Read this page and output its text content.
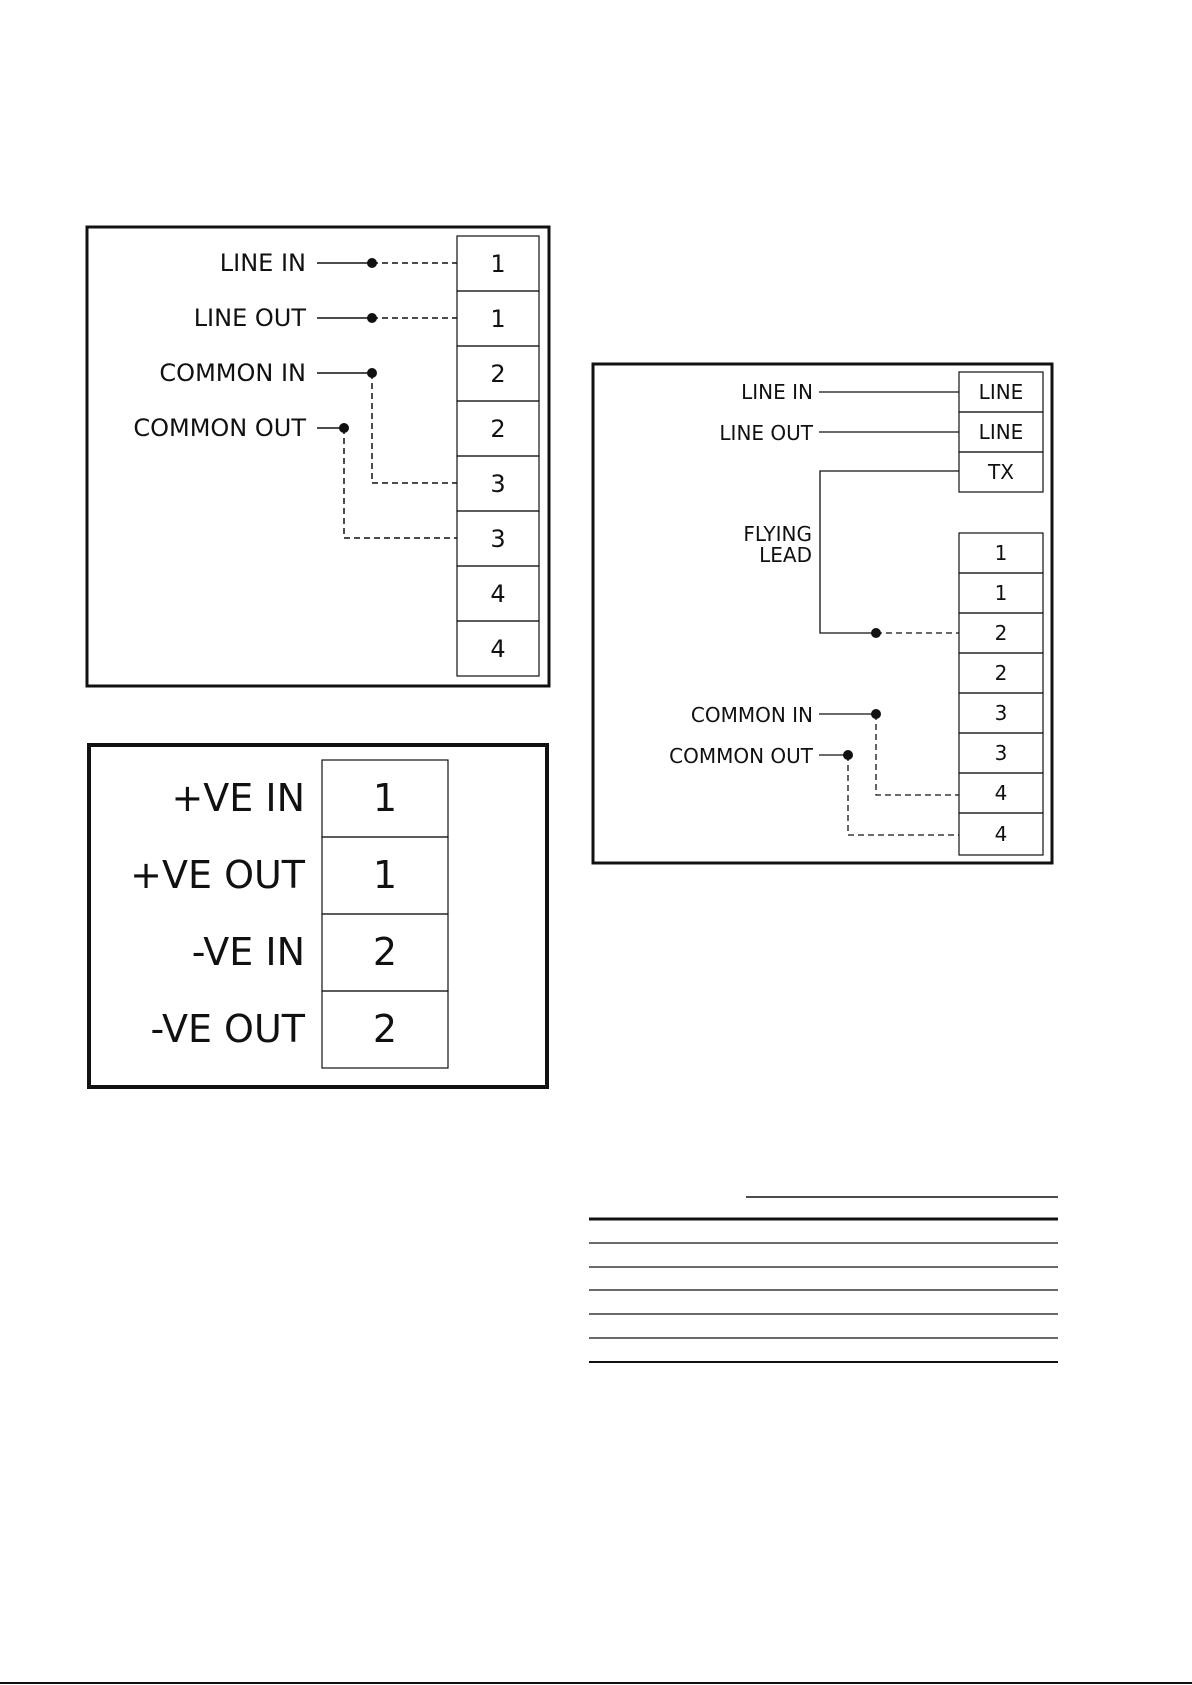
1
1
2
2
3
3
4
4
LINE IN
LINE OUT
COMMON IN
COMMON OUT
1
1
2
2
+VE IN
+VE OUT
-VE IN
-VE OUT
LINE
LINE
TX
1
1
2
2
3
3
4
4
LINE IN
LINE OUT
FLYING
LEAD
COMMON IN
COMMON OUT
